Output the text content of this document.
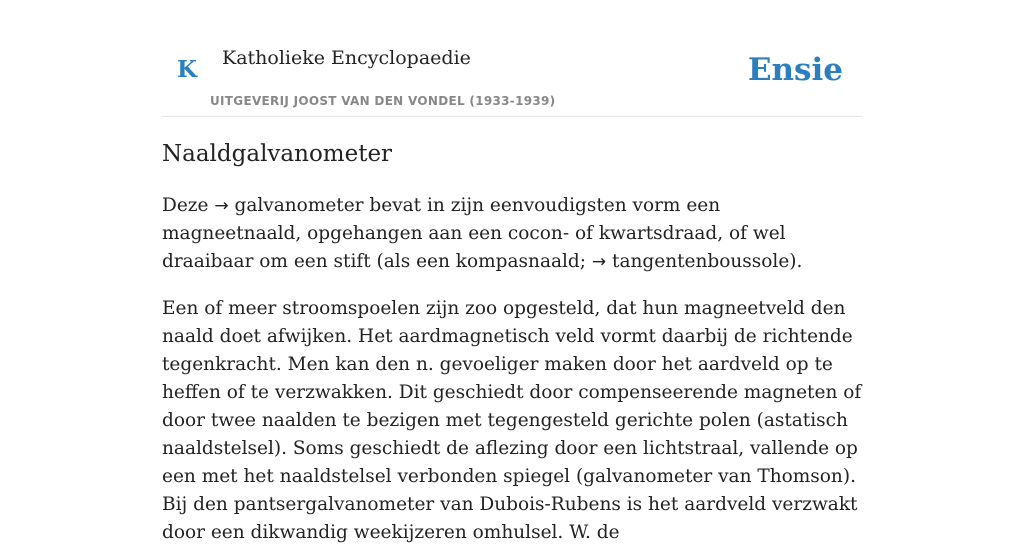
K Katholieke Encyclopaedie
UITGEVERIJ JOOST VAN DEN VONDEL (1933-1939)
Ensie
Naaldgalvanometer

Deze → galvanometer bevat in zijn eenvoudigsten vorm een magneetnaald, opgehangen aan een cocon- of kwartsdraad, of wel draaibaar om een stift (als een kompasnaald; → tangentenboussole).

Een of meer stroomspoelen zijn zoo opgesteld, dat hun magneetveld den naald doet afwijken. Het aardmagnetisch veld vormt daarbij de richtende tegenkracht. Men kan den n. gevoeliger maken door het aardveld op te heffen of te verzwakken. Dit geschiedt door compenseerende magneten of door twee naalden te bezigen met tegengesteld gerichte polen (astatisch naaldstelsel). Soms geschiedt de aflezing door een lichtstraal, vallende op een met het naaldstelsel verbonden spiegel (galvanometer van Thomson). Bij den pantsergalvanometer van Dubois-Rubens is het aardveld verzwakt door een dikwandig weekijzeren omhulsel. W. de
